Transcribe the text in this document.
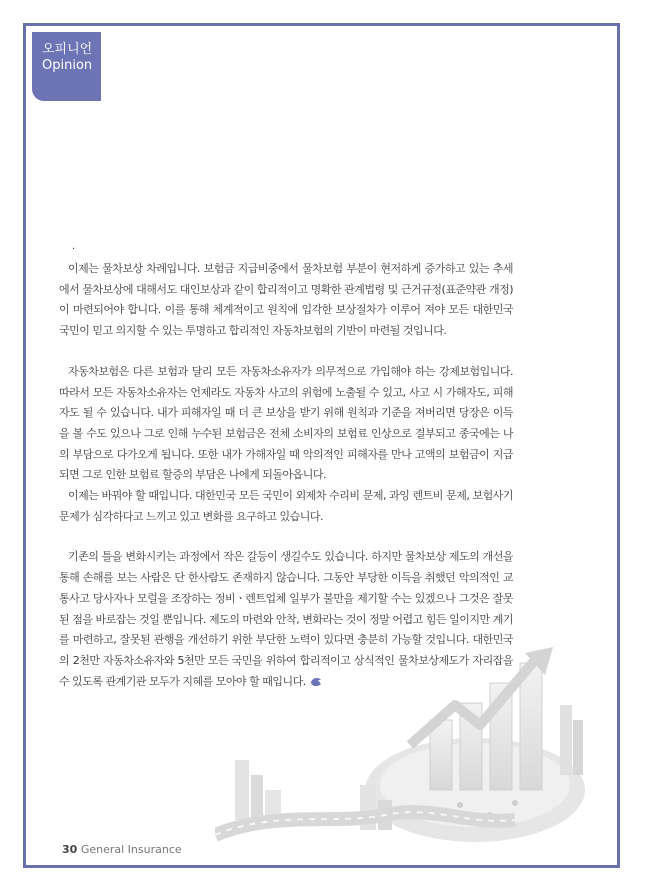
오피니언
Opinion
.

이제는 물차보상 차례입니다. 보험금 지급비중에서 물차보험 부분이 현저하게 증가하고 있는 추세에서 물차보상에 대해서도 대인보상과 같이 합리적이고 명확한 관계법령 및 근거규정(표준약관 개정)이 마련되어야 합니다. 이를 통해 체계적이고 원칙에 입각한 보상절차가 이루어 져야 모든 대한민국 국민이 믿고 의지할 수 있는 투명하고 합리적인 자동차보험의 기반이 마련될 것입니다.

자동차보험은 다른 보험과 달리 모든 자동차소유자가 의무적으로 가입해야 하는 강제보험입니다. 따라서 모든 자동차소유자는 언제라도 자동차 사고의 위험에 노출될 수 있고, 사고 시 가해자도, 피해자도 될 수 있습니다. 내가 피해자일 때 더 큰 보상을 받기 위해 원칙과 기준을 져버리면 당장은 이득을 볼 수도 있으나 그로 인해 누수된 보험금은 전체 소비자의 보험료 인상으로 결부되고 종국에는 나의 부담으로 다가오게 됩니다. 또한 내가 가해자일 때 악의적인 피해자를 만나 고액의 보험금이 지급되면 그로 인한 보험료 할증의 부담은 나에게 되돌아옵니다.

이제는 바꿔야 할 때입니다. 대한민국 모든 국민이 외제차 수리비 문제, 과잉 렌트비 문제, 보험사기 문제가 심각하다고 느끼고 있고 변화를 요구하고 있습니다.

기존의 틀을 변화시키는 과정에서 작은 갈등이 생길수도 있습니다. 하지만 물차보상 제도의 개선을 통해 손해를 보는 사람은 단 한사람도 존재하지 않습니다. 그동안 부당한 이득을 취했던 악의적인 교통사고 당사자나 모럴을 조장하는 정비ㆍ렌트업체 일부가 불만을 제기할 수는 있겠으나 그것은 잘못된 점을 바로잡는 것일 뿐입니다. 제도의 마련와 안착, 변화라는 것이 정말 어렵고 힘든 일이지만 계기를 마련하고, 잘못된 관행을 개선하기 위한 부단한 노력이 있다면 충분히 가능할 것입니다. 대한민국의 2천만 자동차소유자와 5천만 모든 국민을 위하여 합리적이고 상식적인 물차보상제도가 자리잡을 수 있도록 관계기관 모두가 지혜를 모아야 할 때입니다.

30 General Insurance
